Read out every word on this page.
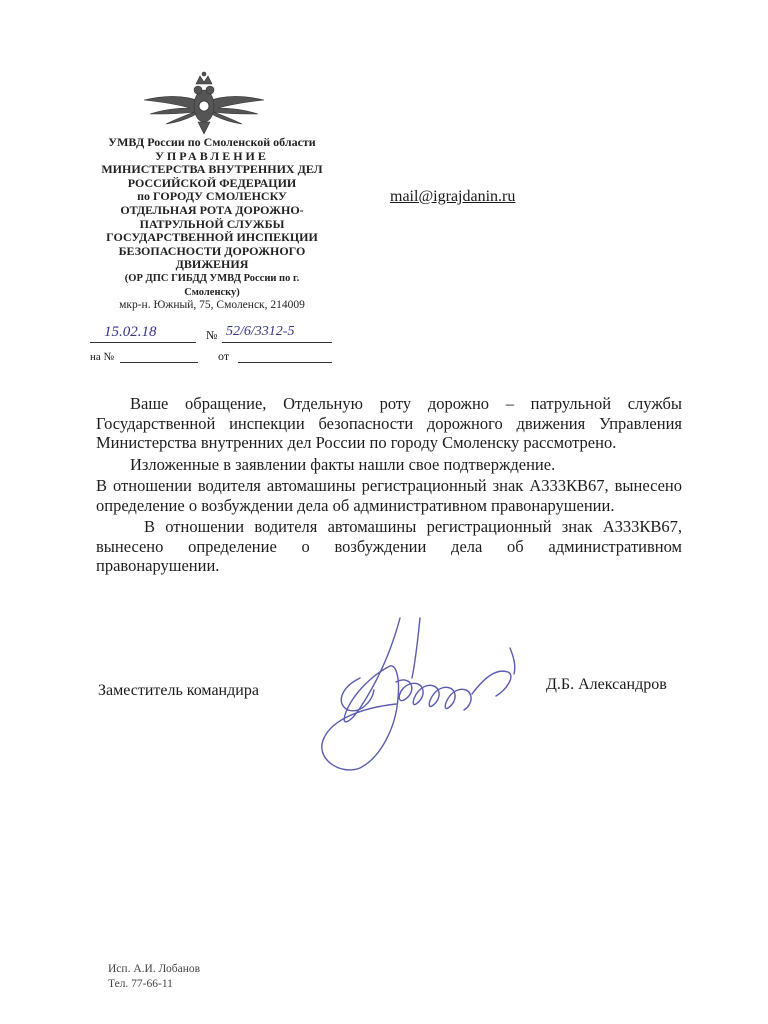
УМВД России по Смоленской области
УПРАВЛЕНИЕ
МИНИСТЕРСТВА ВНУТРЕННИХ ДЕЛ
РОССИЙСКОЙ ФЕДЕРАЦИИ
по ГОРОДУ СМОЛЕНСКУ
ОТДЕЛЬНАЯ РОТА ДОРОЖНО-
ПАТРУЛЬНОЙ СЛУЖБЫ
ГОСУДАРСТВЕННОЙ ИНСПЕКЦИИ
БЕЗОПАСНОСТИ ДОРОЖНОГО
ДВИЖЕНИЯ
(ОР ДПС ГИБДД УМВД России по г.
Смоленску)
мкр-н. Южный, 75, Смоленск, 214009
15.02.18	№ 52/6/3312-5
на №	от
mail@igrajdanin.ru

Ваше обращение, Отдельную роту дорожно – патрульной службы Государственной инспекции безопасности дорожного движения Управления Министерства внутренних дел России по городу Смоленску рассмотрено.

Изложенные в заявлении факты нашли свое подтверждение.

В отношении водителя автомашины регистрационный знак А333КВ67, вынесено определение о возбуждении дела об административном правонарушении.

В отношении водителя автомашины регистрационный знак А333КВ67, вынесено определение о возбуждении дела об административном правонарушении.

Заместитель командира	Д.Б. Александров
Исп. А.И. Лобанов
Тел. 77-66-11
